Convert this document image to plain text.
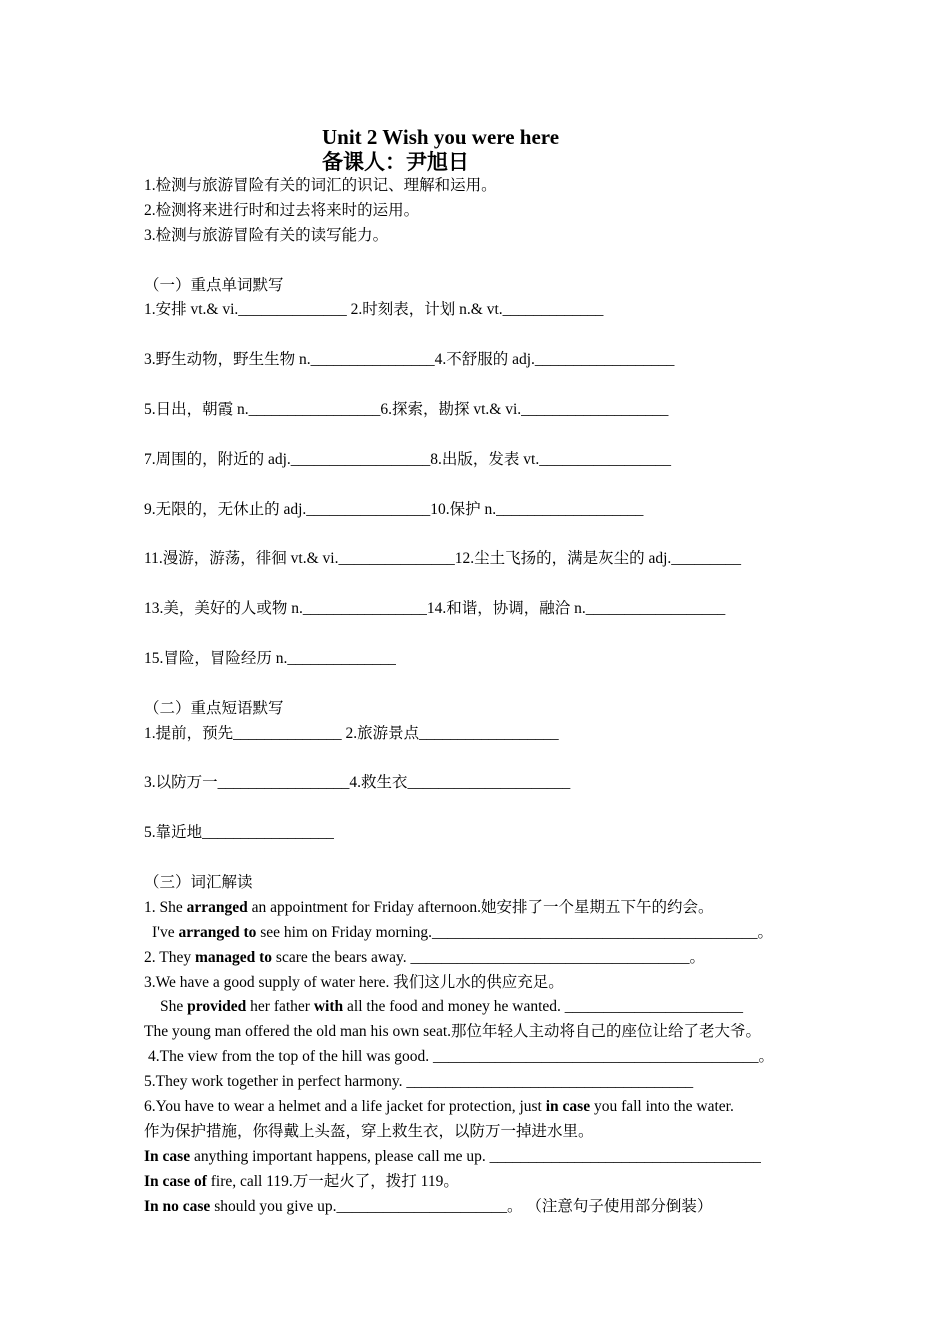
Unit 2 Wish you were here
备课人：尹旭日
1.检测与旅游冒险有关的词汇的识记、理解和运用。
2.检测将来进行时和过去将来时的运用。
3.检测与旅游冒险有关的读写能力。
（一）重点单词默写
1.安排 vt.& vi.______________ 2.时刻表，计划 n.& vt._____________
3.野生动物，野生生物 n.________________4.不舒服的 adj.__________________
5.日出，朝霞 n._________________6.探索，勘探 vt.& vi.___________________
7.周围的，附近的 adj.__________________8.出版，发表 vt._________________
9.无限的，无休止的 adj.________________10.保护 n.___________________
11.漫游，游荡，徘徊 vt.& vi._______________12.尘土飞扬的，满是灰尘的 adj._________
13.美，美好的人或物 n.________________14.和谐，协调，融洽 n.__________________
15.冒险，冒险经历 n.______________
（二）重点短语默写
1.提前，预先______________ 2.旅游景点__________________
3.以防万一_________________4.救生衣_____________________
5.靠近地_________________
（三）词汇解读
1. She arranged an appointment for Friday afternoon.她安排了一个星期五下午的约会。
I've arranged to see him on Friday morning.__________________________________________。
2. They managed to scare the bears away. ____________________________________。
3.We have a good supply of water here. 我们这儿水的供应充足。
She provided her father with all the food and money he wanted. _______________________
The young man offered the old man his own seat.那位年轻人主动将自己的座位让给了老大爷。
4.The view from the top of the hill was good. __________________________________________。
5.They work together in perfect harmony. _____________________________________
6.You have to wear a helmet and a life jacket for protection, just in case you fall into the water.
作为保护措施，你得戴上头盔，穿上救生衣，以防万一掉进水里。
In case anything important happens, please call me up. ___________________________________
In case of fire, call 119.万一起火了，拨打 119。
In no case should you give up.______________________。 （注意句子使用部分倒装）
